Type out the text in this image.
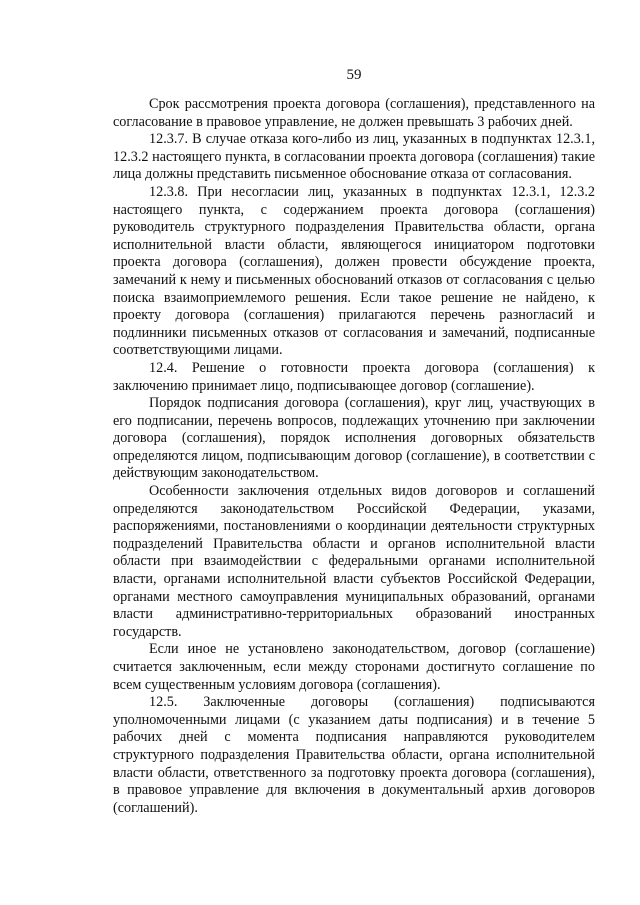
59

Срок рассмотрения проекта договора (соглашения), представленного на согласование в правовое управление, не должен превышать 3 рабочих дней.

12.3.7. В случае отказа кого-либо из лиц, указанных в подпунктах 12.3.1, 12.3.2 настоящего пункта, в согласовании проекта договора (соглашения) такие лица должны представить письменное обоснование отказа от согласования.

12.3.8. При несогласии лиц, указанных в подпунктах 12.3.1, 12.3.2 настоящего пункта, с содержанием проекта договора (соглашения) руководитель структурного подразделения Правительства области, органа исполнительной власти области, являющегося инициатором подготовки проекта договора (соглашения), должен провести обсуждение проекта, замечаний к нему и письменных обоснований отказов от согласования с целью поиска взаимоприемлемого решения. Если такое решение не найдено, к проекту договора (соглашения) прилагаются перечень разногласий и подлинники письменных отказов от согласования и замечаний, подписанные соответствующими лицами.

12.4. Решение о готовности проекта договора (соглашения) к заключению принимает лицо, подписывающее договор (соглашение).

Порядок подписания договора (соглашения), круг лиц, участвующих в его подписании, перечень вопросов, подлежащих уточнению при заключении договора (соглашения), порядок исполнения договорных обязательств определяются лицом, подписывающим договор (соглашение), в соответствии с действующим законодательством.

Особенности заключения отдельных видов договоров и соглашений определяются законодательством Российской Федерации, указами, распоряжениями, постановлениями о координации деятельности структурных подразделений Правительства области и органов исполнительной власти области при взаимодействии с федеральными органами исполнительной власти, органами исполнительной власти субъектов Российской Федерации, органами местного самоуправления муниципальных образований, органами власти административно-территориальных образований иностранных государств.

Если иное не установлено законодательством, договор (соглашение) считается заключенным, если между сторонами достигнуто соглашение по всем существенным условиям договора (соглашения).

12.5. Заключенные договоры (соглашения) подписываются уполномоченными лицами (с указанием даты подписания) и в течение 5 рабочих дней с момента подписания направляются руководителем структурного подразделения Правительства области, органа исполнительной власти области, ответственного за подготовку проекта договора (соглашения), в правовое управление для включения в документальный архив договоров (соглашений).
